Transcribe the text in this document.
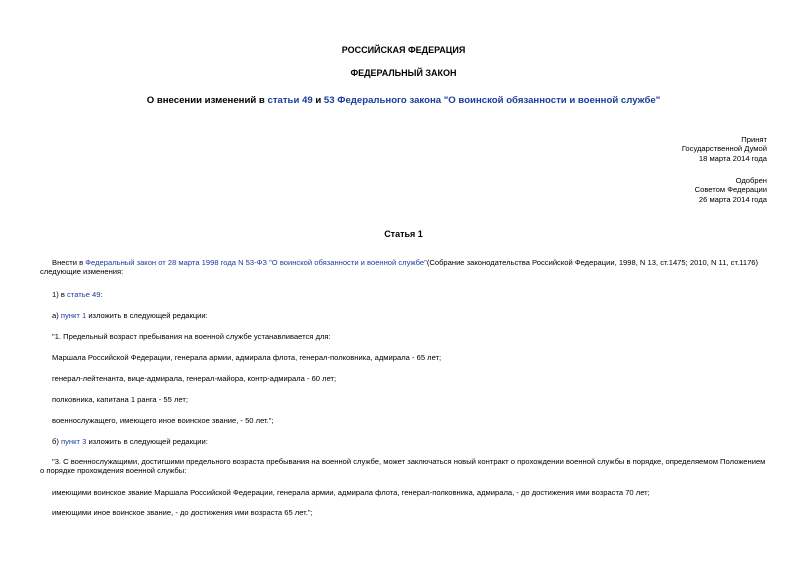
РОССИЙСКАЯ ФЕДЕРАЦИЯ
ФЕДЕРАЛЬНЫЙ ЗАКОН
О внесении изменений в статьи 49 и 53 Федерального закона "О воинской обязанности и военной службе"
Принят
Государственной Думой
18 марта 2014 года
Одобрен
Советом Федерации
26 марта 2014 года
Статья 1
Внести в Федеральный закон от 28 марта 1998 года N 53-ФЗ "О воинской обязанности и военной службе"(Собрание законодательства Российской Федерации, 1998, N 13, ст.1475; 2010, N 11, ст.1176) следующие изменения:
1) в статье 49:
а) пункт 1 изложить в следующей редакции:
"1. Предельный возраст пребывания на военной службе устанавливается для:
Маршала Российской Федерации, генерала армии, адмирала флота, генерал-полковника, адмирала - 65 лет;
генерал-лейтенанта, вице-адмирала, генерал-майора, контр-адмирала - 60 лет;
полковника, капитана 1 ранга - 55 лет;
военнослужащего, имеющего иное воинское звание, - 50 лет.";
б) пункт 3 изложить в следующей редакции:
"3. С военнослужащими, достигшими предельного возраста пребывания на военной службе, может заключаться новый контракт о прохождении военной службы в порядке, определяемом Положением о порядке прохождения военной службы:
имеющими воинское звание Маршала Российской Федерации, генерала армии, адмирала флота, генерал-полковника, адмирала, - до достижения ими возраста 70 лет;
имеющими иное воинское звание, - до достижения ими возраста 65 лет.";
